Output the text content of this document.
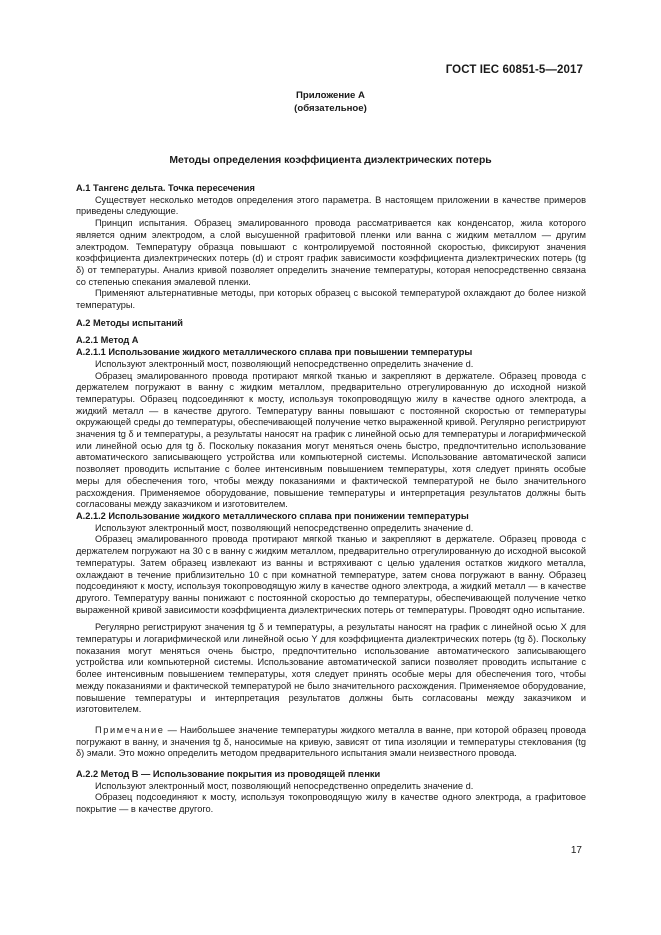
ГОСТ IEC 60851-5—2017
Приложение А
(обязательное)
Методы определения коэффициента диэлектрических потерь

А.1 Тангенс дельта. Точка пересечения

Существует несколько методов определения этого параметра. В настоящем приложении в качестве примеров приведены следующие.

Принцип испытания. Образец эмалированного провода рассматривается как конденсатор, жила которого является одним электродом, а слой высушенной графитовой пленки или ванна с жидким металлом — другим электродом. Температуру образца повышают с контролируемой постоянной скоростью, фиксируют значения коэффициента диэлектрических потерь (d) и строят график зависимости коэффициента диэлектрических потерь (tg δ) от температуры. Анализ кривой позволяет определить значение температуры, которая непосредственно связана со степенью спекания эмалевой пленки.

Применяют альтернативные методы, при которых образец с высокой температурой охлаждают до более низкой температуры.

А.2 Методы испытаний

А.2.1 Метод А

А.2.1.1 Использование жидкого металлического сплава при повышении температуры

Используют электронный мост, позволяющий непосредственно определить значение d.

Образец эмалированного провода протирают мягкой тканью и закрепляют в держателе. Образец провода с держателем погружают в ванну с жидким металлом, предварительно отрегулированную до исходной низкой температуры. Образец подсоединяют к мосту, используя токопроводящую жилу в качестве одного электрода, а жидкий металл — в качестве другого. Температуру ванны повышают с постоянной скоростью от температуры окружающей среды до температуры, обеспечивающей получение четко выраженной кривой. Регулярно регистрируют значения tg δ и температуры, а результаты наносят на график с линейной осью для температуры и логарифмической или линейной осью для tg δ. Поскольку показания могут меняться очень быстро, предпочтительно использование автоматического записывающего устройства или компьютерной системы. Использование автоматической записи позволяет проводить испытание с более интенсивным повышением температуры, хотя следует принять особые меры для обеспечения того, чтобы между показаниями и фактической температурой не было значительного расхождения. Применяемое оборудование, повышение температуры и интерпретация результатов должны быть согласованы между заказчиком и изготовителем.

А.2.1.2 Использование жидкого металлического сплава при понижении температуры

Используют электронный мост, позволяющий непосредственно определить значение d.

Образец эмалированного провода протирают мягкой тканью и закрепляют в держателе. Образец провода с держателем погружают на 30 с в ванну с жидким металлом, предварительно отрегулированную до исходной высокой температуры. Затем образец извлекают из ванны и встряхивают с целью удаления остатков жидкого металла, охлаждают в течение приблизительно 10 с при комнатной температуре, затем снова погружают в ванну. Образец подсоединяют к мосту, используя токопроводящую жилу в качестве одного электрода, а жидкий металл — в качестве другого. Температуру ванны понижают с постоянной скоростью до температуры, обеспечивающей получение четко выраженной кривой зависимости коэффициента диэлектрических потерь от температуры. Проводят одно испытание.

Регулярно регистрируют значения tg δ и температуры, а результаты наносят на график с линейной осью X для температуры и логарифмической или линейной осью Y для коэффициента диэлектрических потерь (tg δ). Поскольку показания могут меняться очень быстро, предпочтительно использование автоматического записывающего устройства или компьютерной системы. Использование автоматической записи позволяет проводить испытание с более интенсивным повышением температуры, хотя следует принять особые меры для обеспечения того, чтобы между показаниями и фактической температурой не было значительного расхождения. Применяемое оборудование, повышение температуры и интерпретация результатов должны быть согласованы между заказчиком и изготовителем.

Примечание — Наибольшее значение температуры жидкого металла в ванне, при которой образец провода погружают в ванну, и значения tg δ, наносимые на кривую, зависят от типа изоляции и температуры стеклования (tg δ) эмали. Это можно определить методом предварительного испытания эмали неизвестного провода.

А.2.2 Метод В — Использование покрытия из проводящей пленки

Используют электронный мост, позволяющий непосредственно определить значение d.

Образец подсоединяют к мосту, используя токопроводящую жилу в качестве одного электрода, а графитовое покрытие — в качестве другого.

17
